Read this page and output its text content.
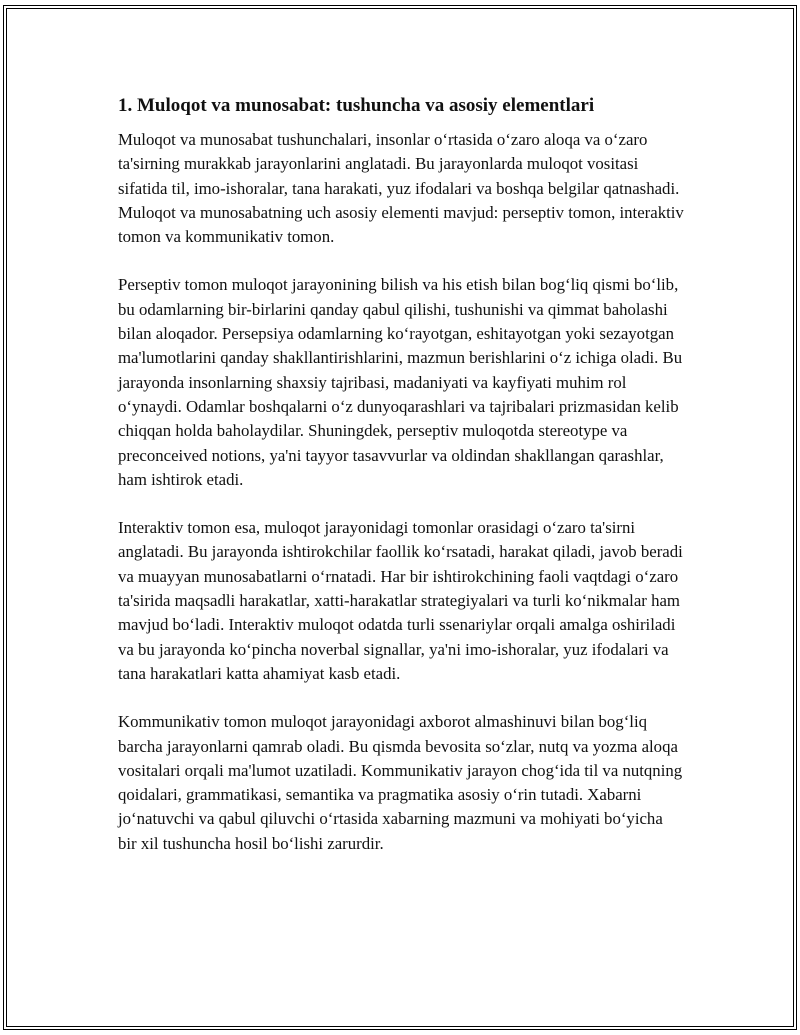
1. Muloqot va munosabat: tushuncha va asosiy elementlari

Muloqot va munosabat tushunchalari, insonlar oʻrtasida oʻzaro aloqa va oʻzaro ta'sirning murakkab jarayonlarini anglatadi. Bu jarayonlarda muloqot vositasi sifatida til, imo-ishoralar, tana harakati, yuz ifodalari va boshqa belgilar qatnashadi. Muloqot va munosabatning uch asosiy elementi mavjud: perseptiv tomon, interaktiv tomon va kommunikativ tomon.

Perseptiv tomon muloqot jarayonining bilish va his etish bilan bogʻliq qismi boʻlib, bu odamlarning bir-birlarini qanday qabul qilishi, tushunishi va qimmat baholashi bilan aloqador. Persepsiya odamlarning koʻrayotgan, eshitayotgan yoki sezayotgan ma'lumotlarini qanday shakllantirishlarini, mazmun berishlarini oʻz ichiga oladi. Bu jarayonda insonlarning shaxsiy tajribasi, madaniyati va kayfiyati muhim rol oʻynaydi. Odamlar boshqalarni oʻz dunyoqarashlari va tajribalari prizmasidan kelib chiqqan holda baholaydilar. Shuningdek, perseptiv muloqotda stereotype va preconceived notions, ya'ni tayyor tasavvurlar va oldindan shakllangan qarashlar, ham ishtirok etadi.

Interaktiv tomon esa, muloqot jarayonidagi tomonlar orasidagi oʻzaro ta'sirni anglatadi. Bu jarayonda ishtirokchilar faollik koʻrsatadi, harakat qiladi, javob beradi va muayyan munosabatlarni oʻrnatadi. Har bir ishtirokchining faoli vaqtdagi oʻzaro ta'sirida maqsadli harakatlar, xatti-harakatlar strategiyalari va turli koʻnikmalar ham mavjud boʻladi. Interaktiv muloqot odatda turli ssenariylar orqali amalga oshiriladi va bu jarayonda koʻpincha noverbal signallar, ya'ni imo-ishoralar, yuz ifodalari va tana harakatlari katta ahamiyat kasb etadi.

Kommunikativ tomon muloqot jarayonidagi axborot almashinuvi bilan bogʻliq barcha jarayonlarni qamrab oladi. Bu qismda bevosita soʻzlar, nutq va yozma aloqa vositalari orqali ma'lumot uzatiladi. Kommunikativ jarayon chogʻida til va nutqning qoidalari, grammatikasi, semantika va pragmatika asosiy oʻrin tutadi. Xabarni joʻnatuvchi va qabul qiluvchi oʻrtasida xabarning mazmuni va mohiyati boʻyicha bir xil tushuncha hosil boʻlishi zarurdir.
